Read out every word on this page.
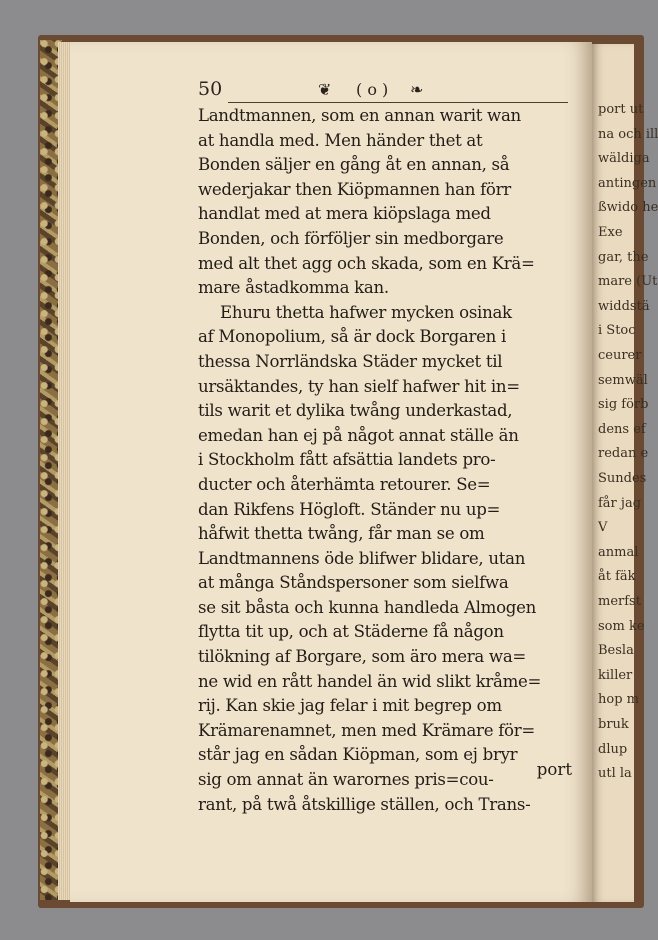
port ut
na och ill
wäldiga
antingen
ßwido he
Exe
gar, the
mare (Ut
widdstä
i Stoc
ceurer
semwäl
sig förb
dens ef
redan e
Sundes
får jag
V
anmal
åt fäk
merfst
som ke
Besla
killer
hop m
bruk
dlup
utl la
50	❦ ( o ) ❧
Landtmannen, som en annan warit wan
at handla med. Men händer thet at
Bonden säljer en gång åt en annan, så
wederjakar then Kiöpmannen han förr
handlat med at mera kiöpslaga med
Bonden, och förföljer sin medborgare
med alt thet agg och skada, som en Krä=
mare åstadkomma kan.
Ehuru thetta hafwer mycken osinak
af Monopolium, så är dock Borgaren i
thessa Norrländska Städer mycket til
ursäktandes, ty han sielf hafwer hit in=
tils warit et dylika twång underkastad,
emedan han ej på något annat ställe än
i Stockholm fått afsättia landets pro-
ducter och återhämta retourer. Se=
dan Rikfens Högloft. Ständer nu up=
håfwit thetta twång, får man se om
Landtmannens öde blifwer blidare, utan
at många Ståndspersoner som sielfwa
se sit båsta och kunna handleda Almogen
flytta tit up, och at Städerne få någon
tilökning af Borgare, som äro mera wa=
ne wid en rått handel än wid slikt kråme=
rij. Kan skie jag felar i mit begrep om
Krämarenamnet, men med Krämare för=
står jag en sådan Kiöpman, som ej bryr
sig om annat än warornes pris=cou-
rant, på twå åtskillige ställen, och Trans-
port
